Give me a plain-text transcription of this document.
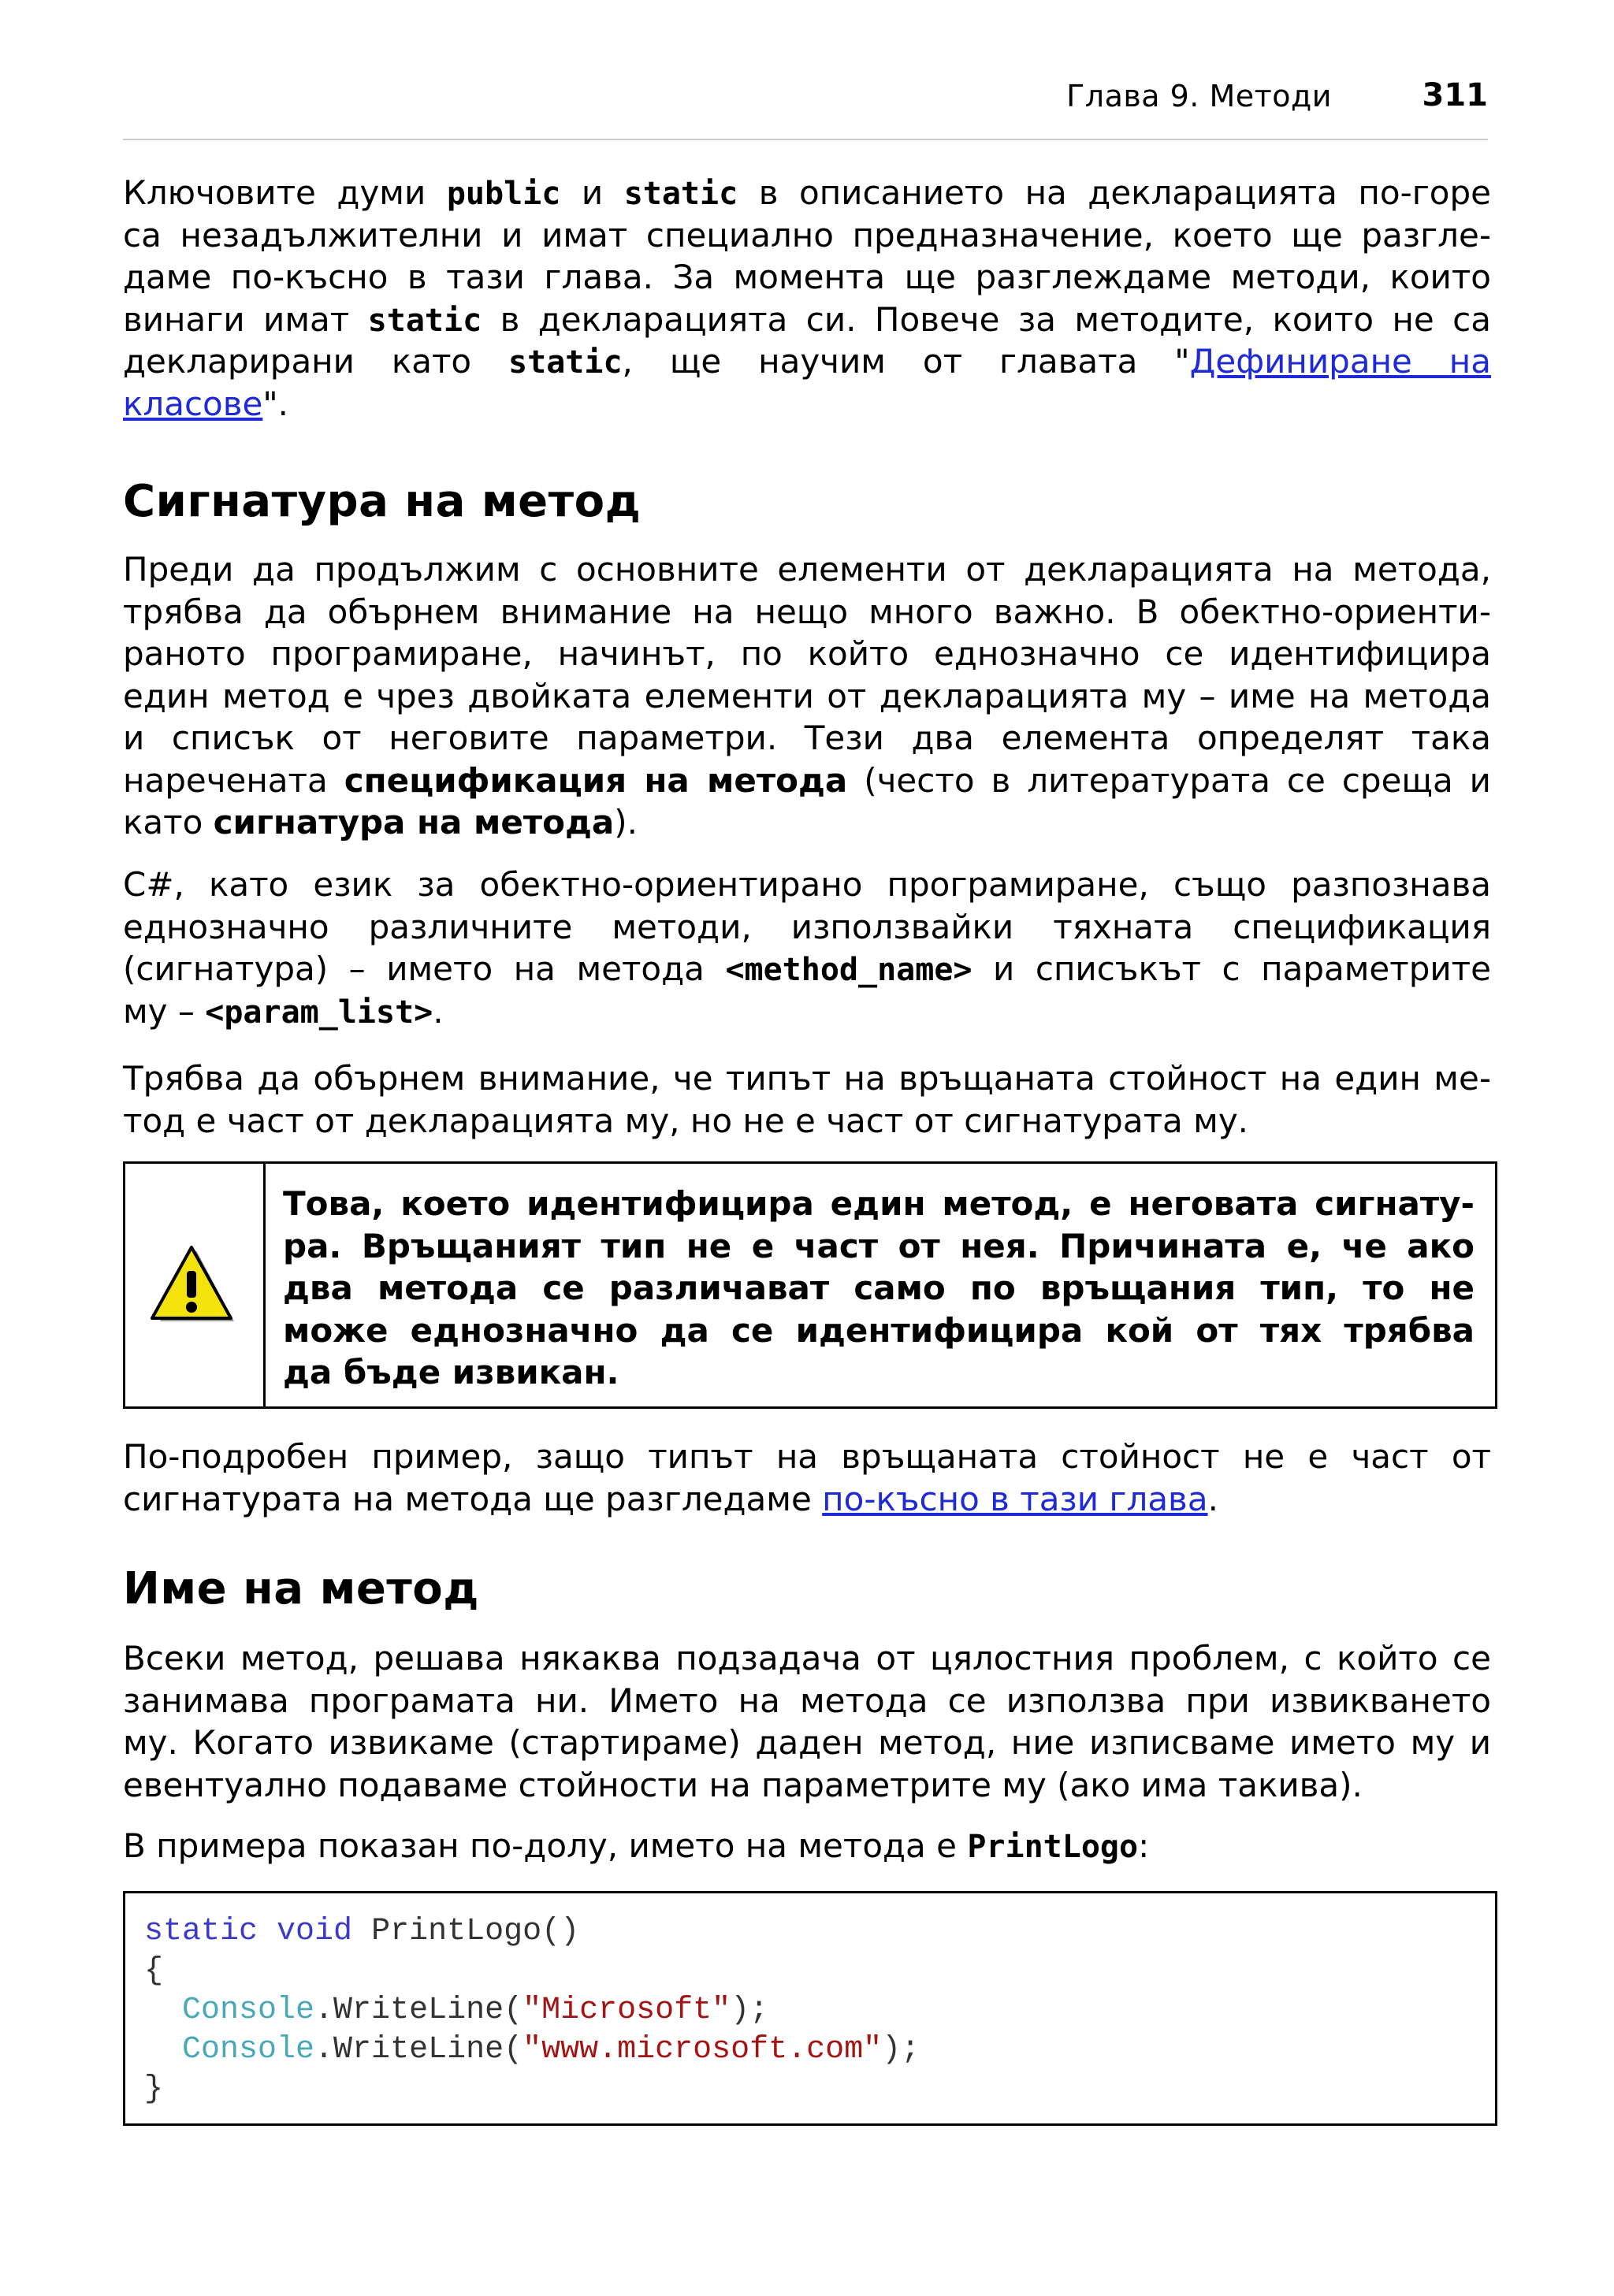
Глава 9. Методи	311
Ключовите думи public и static в описанието на декларацията по-горе
са незадължителни и имат специално предназначение, което ще разгле-
даме по-късно в тази глава. За момента ще разглеждаме методи, които
винаги имат static в декларацията си. Повече за методите, които не са
декларирани като static, ще научим от главата "Дефиниране на
класове".
Сигнатура на метод
Преди да продължим с основните елементи от декларацията на метода,
трябва да обърнем внимание на нещо много важно. В обектно-ориенти-
раното програмиране, начинът, по който еднозначно се идентифицира
един метод е чрез двойката елементи от декларацията му – име на метода
и списък от неговите параметри. Тези два елемента определят така
наречената спецификация на метода (често в литературата се среща и
като сигнатура на метода).
C#, като език за обектно-ориентирано програмиране, също разпознава
еднозначно различните методи, използвайки тяхната спецификация
(сигнатура) – името на метода <method_name> и списъкът с параметрите
му – <param_list>.
Трябва да обърнем внимание, че типът на връщаната стойност на един ме-
тод е част от декларацията му, но не е част от сигнатурата му.
Това, което идентифицира един метод, е неговата сигнату-
ра. Връщаният тип не е част от нея. Причината е, че ако
два метода се различават само по връщания тип, то не
може еднозначно да се идентифицира кой от тях трябва
да бъде извикан.
По-подробен пример, защо типът на връщаната стойност не е част от
сигнатурата на метода ще разгледаме по-късно в тази глава.
Име на метод
Всеки метод, решава някаква подзадача от цялостния проблем, с който се
занимава програмата ни. Името на метода се използва при извикването
му. Когато извикаме (стартираме) даден метод, ние изписваме името му и
евентуално подаваме стойности на параметрите му (ако има такива).
В примера показан по-долу, името на метода е PrintLogo:
static void PrintLogo()
{
Console.WriteLine("Microsoft");
Console.WriteLine("www.microsoft.com");
}
